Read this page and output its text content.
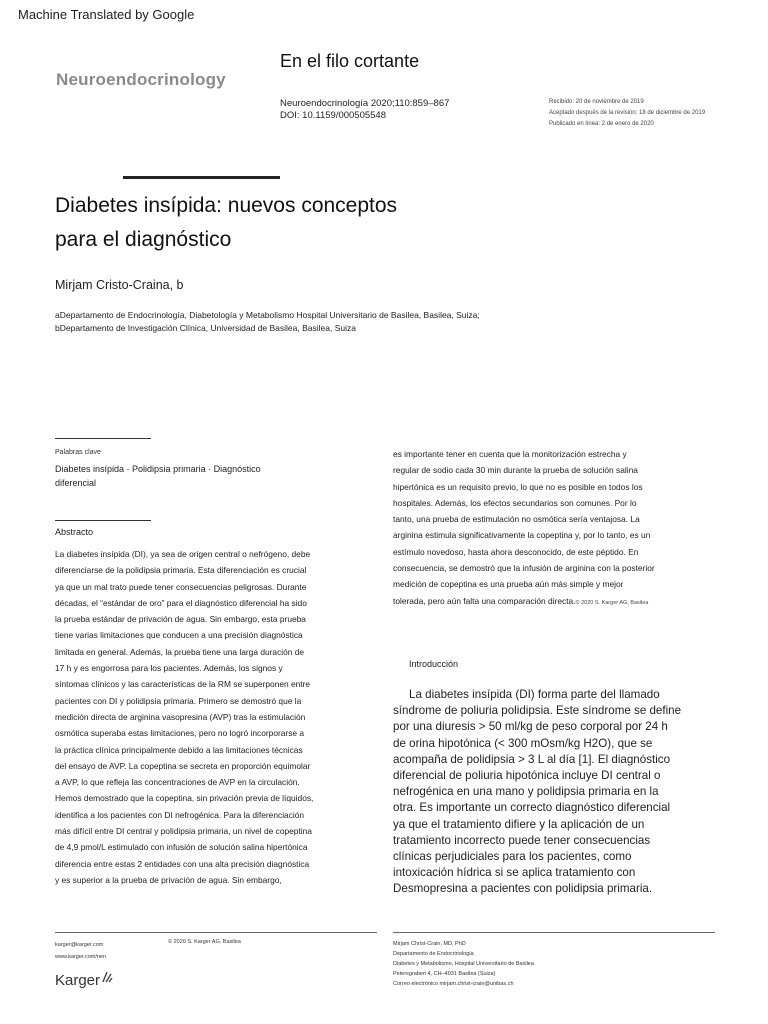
Machine Translated by Google
Neuroendocrinology
En el filo cortante
Neuroendocrinología 2020;110:859–867
DOI: 10.1159/000505548
Recibido: 20 de noviembre de 2019
Aceptado después de la revisión: 18 de diciembre de 2019
Publicado en línea: 2 de enero de 2020
Diabetes insípida: nuevos conceptos
para el diagnóstico
Mirjam Cristo-Craina, b
aDepartamento de Endocrinología, Diabetología y Metabolismo Hospital Universitario de Basilea, Basilea, Suiza;
bDepartamento de Investigación Clínica, Universidad de Basilea, Basilea, Suiza
Palabras clave
Diabetes insípida · Polidipsia primaria · Diagnóstico
diferencial
Abstracto
La diabetes insípida (DI), ya sea de origen central o nefrógeno, debe
diferenciarse de la polidipsia primaria. Esta diferenciación es crucial
ya que un mal trato puede tener consecuencias peligrosas. Durante
décadas, el “estándar de oro” para el diagnóstico diferencial ha sido
la prueba estándar de privación de agua. Sin embargo, esta prueba
tiene varias limitaciones que conducen a una precisión diagnóstica
limitada en general. Además, la prueba tiene una larga duración de
17 h y es engorrosa para los pacientes. Además, los signos y
síntomas clínicos y las características de la RM se superponen entre
pacientes con DI y polidipsia primaria. Primero se demostró que la
medición directa de arginina vasopresina (AVP) tras la estimulación
osmótica superaba estas limitaciones, pero no logró incorporarse a
la práctica clínica principalmente debido a las limitaciones técnicas
del ensayo de AVP. La copeptina se secreta en proporción equimolar
a AVP, lo que refleja las concentraciones de AVP en la circulación.
Hemos demostrado que la copeptina, sin privación previa de líquidos,
identifica a los pacientes con DI nefrogénica. Para la diferenciación
más difícil entre DI central y polidipsia primaria, un nivel de copeptina
de 4,9 pmol/L estimulado con infusión de solución salina hipertónica
diferencia entre estas 2 entidades con una alta precisión diagnóstica
y es superior a la prueba de privación de agua. Sin embargo,
es importante tener en cuenta que la monitorización estrecha y
regular de sodio cada 30 min durante la prueba de solución salina
hipertónica es un requisito previo, lo que no es posible en todos los
hospitales. Además, los efectos secundarios son comunes. Por lo
tanto, una prueba de estimulación no osmótica sería ventajosa. La
arginina estimula significativamente la copeptina y, por lo tanto, es un
estímulo novedoso, hasta ahora desconocido, de este péptido. En
consecuencia, se demostró que la infusión de arginina con la posterior
medición de copeptina es una prueba aún más simple y mejor
tolerada, pero aún falta una comparación directa.© 2020 S. Karger AG, Basilea
Introducción
La diabetes insípida (DI) forma parte del llamado
síndrome de poliuria polidipsia. Este síndrome se define
por una diuresis > 50 ml/kg de peso corporal por 24 h
de orina hipotónica (< 300 mOsm/kg H2O), que se
acompaña de polidipsia > 3 L al día [1]. El diagnóstico
diferencial de poliuria hipotónica incluye DI central o
nefrogénica en una mano y polidipsia primaria en la
otra. Es importante un correcto diagnóstico diferencial
ya que el tratamiento difiere y la aplicación de un
tratamiento incorrecto puede tener consecuencias
clínicas perjudiciales para los pacientes, como
intoxicación hídrica si se aplica tratamiento con
Desmopresina a pacientes con polidipsia primaria.
karger@karger.com
www.karger.com/nen
© 2020 S. Karger AG, Basilea
Karger
Mirjam Christ-Crain, MD, PhD
Departamento de Endocrinología
Diabetes y Metabolismo, Hospital Universitario de Basilea
Petersgraben 4, CH–4031 Basilea (Suiza)
Correo electrónico mirjam.christ-crain@unibas.ch
